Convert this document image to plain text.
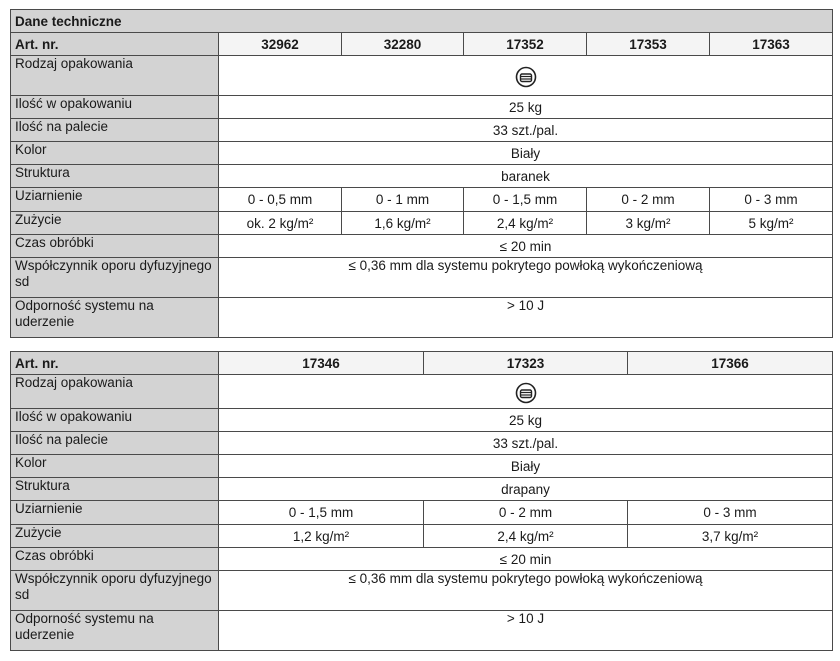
Dane techniczne					
Art. nr.	32962	32280	17352	17353	17363
Rodzaj opakowania	
Ilość w opakowaniu	25 kg				
Ilość na palecie	33 szt./pal.				
Kolor	Biały				
Struktura	baranek				
Uziarnienie	0 - 0,5 mm	0 - 1 mm	0 - 1,5 mm	0 - 2 mm	0 - 3 mm
Zużycie	ok. 2 kg/m²	1,6 kg/m²	2,4 kg/m²	3 kg/m²	5 kg/m²
Czas obróbki	≤ 20 min				
Współczynnik oporu dyfuzyjnego sd	≤ 0,36 mm dla systemu pokrytego powłoką wykończeniową				
Odporność systemu na uderzenie	> 10 J				
Art. nr.	17346	17323	17366
Rodzaj opakowania	
Ilość w opakowaniu	25 kg		
Ilość na palecie	33 szt./pal.		
Kolor	Biały		
Struktura	drapany		
Uziarnienie	0 - 1,5 mm	0 - 2 mm	0 - 3 mm
Zużycie	1,2 kg/m²	2,4 kg/m²	3,7 kg/m²
Czas obróbki	≤ 20 min		
Współczynnik oporu dyfuzyjnego sd	≤ 0,36 mm dla systemu pokrytego powłoką wykończeniową		
Odporność systemu na uderzenie	> 10 J		
